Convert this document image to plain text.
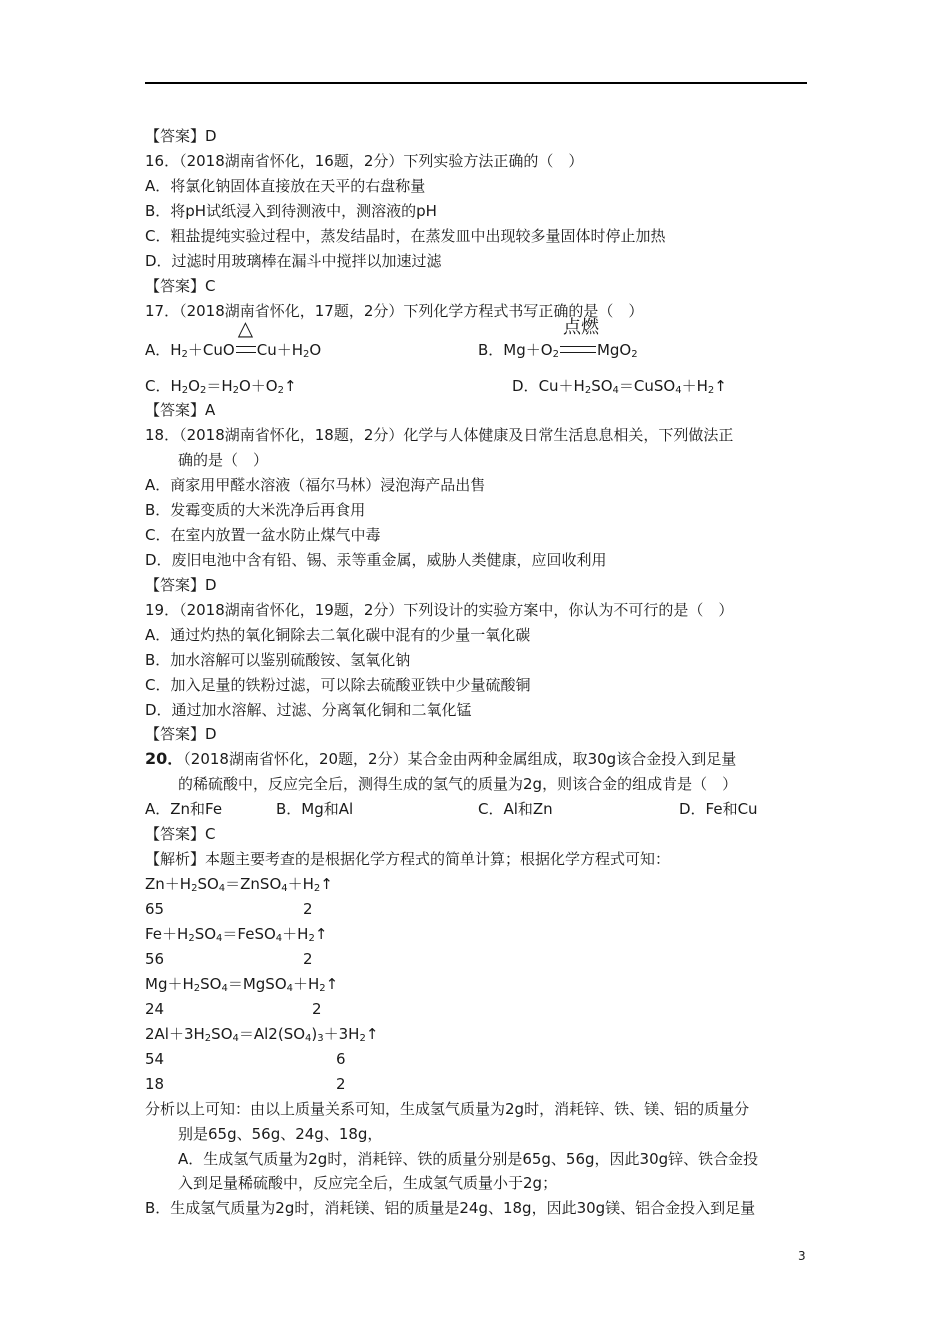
【答案】D
16．（2018湖南省怀化，16题，2分）下列实验方法正确的（　）
A．将氯化钠固体直接放在天平的右盘称量
B．将pH试纸浸入到待测液中，测溶液的pH
C．粗盐提纯实验过程中，蒸发结晶时，在蒸发皿中出现较多量固体时停止加热
D．过滤时用玻璃棒在漏斗中搅拌以加速过滤
【答案】C
17．（2018湖南省怀化，17题，2分）下列化学方程式书写正确的是（　）
A．$H_2+CuO$
△
$Cu+H_2O$	B．$Mg+O_2$
点燃
MgO$_2$
C．$H_2O_2=H_2O+O_2↑$	D．$Cu+H_2SO_4=CuSO_4+H_2↑$
【答案】A
18．（2018湖南省怀化，18题，2分）化学与人体健康及日常生活息息相关，下列做法正
确的是（　）
A．商家用甲醛水溶液（福尔马林）浸泡海产品出售
B．发霉变质的大米洗净后再食用
C．在室内放置一盆水防止煤气中毒
D．废旧电池中含有铅、锡、汞等重金属，威胁人类健康，应回收利用
【答案】D
19．（2018湖南省怀化，19题，2分）下列设计的实验方案中，你认为不可行的是（　）
A．通过灼热的氧化铜除去二氧化碳中混有的少量一氧化碳
B．加水溶解可以鉴别硫酸铵、氢氧化钠
C．加入足量的铁粉过滤，可以除去硫酸亚铁中少量硫酸铜
D．通过加水溶解、过滤、分离氧化铜和二氧化锰
【答案】D
20．（2018湖南省怀化，20题，2分）某合金由两种金属组成，取30g该合金投入到足量
的稀硫酸中，反应完全后，测得生成的氢气的质量为2g，则该合金的组成肯是（　）
A．Zn和Fe	B．Mg和Al	C．Al和Zn	D．Fe和Cu
【答案】C
【解析】本题主要考查的是根据化学方程式的简单计算；根据化学方程式可知：
$Zn+H_2SO_4=ZnSO_4+H_2↑$
65	2
$Fe+H_2SO_4=FeSO_4+H_2↑$
56	2
$Mg+H_2SO_4=MgSO_4+H_2↑$
24	2
$2Al+3H_2SO_4=Al2(SO_4)_3+3H_2↑$
54	6
18	2
分析以上可知：由以上质量关系可知，生成氢气质量为2g时，消耗锌、铁、镁、铝的质量分
别是65g、56g、24g、18g，
A．生成氢气质量为2g时，消耗锌、铁的质量分别是65g、56g，因此30g锌、铁合金投
入到足量稀硫酸中，反应完全后，生成氢气质量小于2g；
B．生成氢气质量为2g时，消耗镁、铝的质量是24g、18g，因此30g镁、铝合金投入到足量
3
